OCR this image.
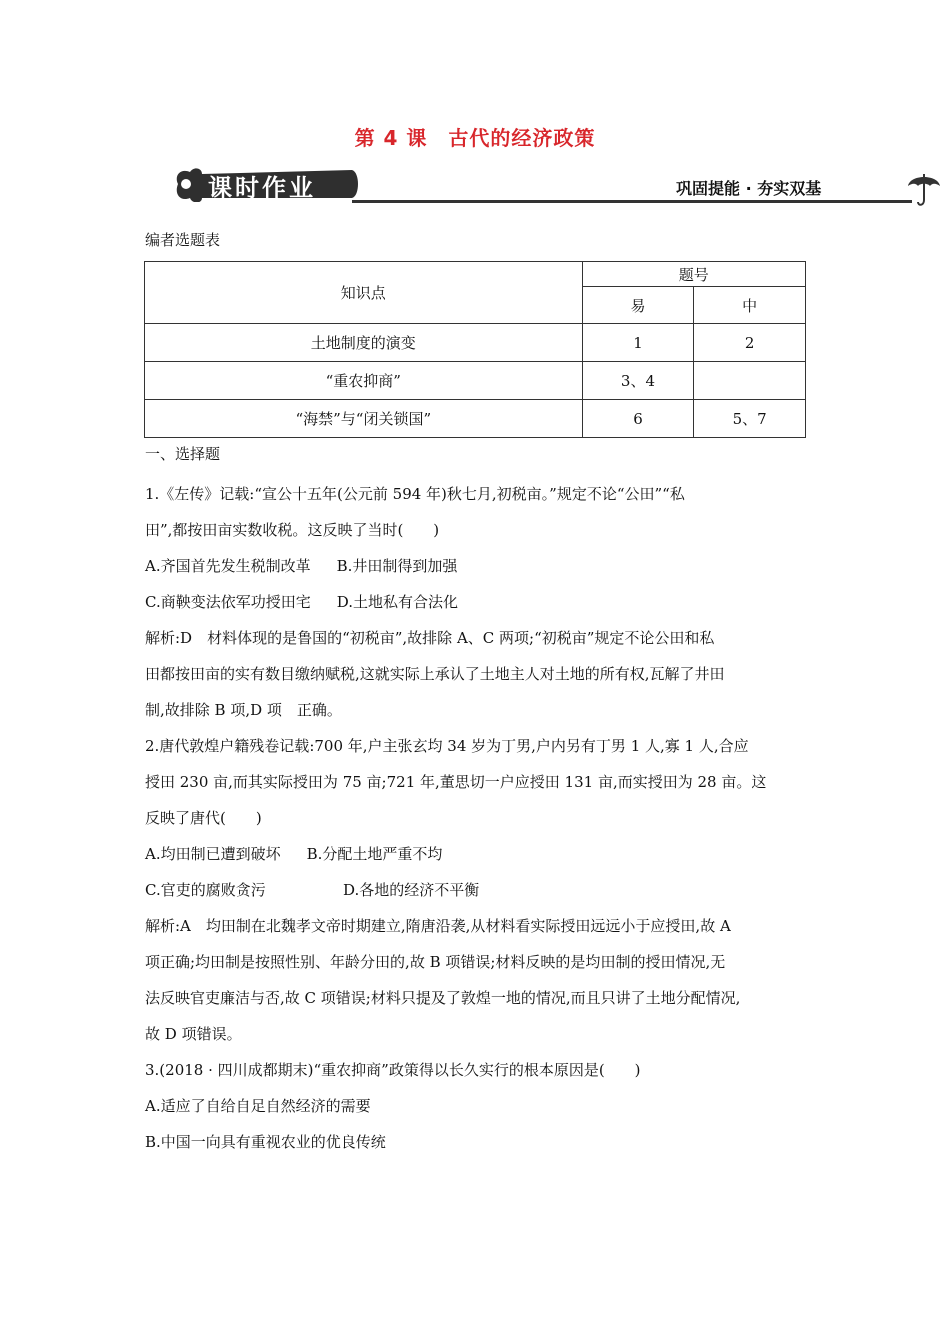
第 4 课　古代的经济政策
课时作业	巩固提能 · 夯实双基
编者选题表
知识点	题号	
	易	中
土地制度的演变	1	2
“重农抑商”	3、4	
“海禁”与“闭关锁国”	6	5、7
一、选择题

1.《左传》记载:“宣公十五年(公元前 594 年)秋七月,初税亩。”规定不论“公田”“私

田”,都按田亩实数收税。这反映了当时(　　)

A.齐国首先发生税制改革 B.井田制得到加强
C.商鞅变法依军功授田宅 D.土地私有合法化

解析:D　材料体现的是鲁国的“初税亩”,故排除 A、C 两项;“初税亩”规定不论公田和私

田都按田亩的实有数目缴纳赋税,这就实际上承认了土地主人对土地的所有权,瓦解了井田

制,故排除 B 项,D 项　正确。

2.唐代敦煌户籍残卷记载:700 年,户主张玄均 34 岁为丁男,户内另有丁男 1 人,寡 1 人,合应

授田 230 亩,而其实际授田为 75 亩;721 年,董思切一户应授田 131 亩,而实授田为 28 亩。这

反映了唐代(　　)

A.均田制已遭到破坏 B.分配土地严重不均
C.官吏的腐败贪污	D.各地的经济不平衡

解析:A　均田制在北魏孝文帝时期建立,隋唐沿袭,从材料看实际授田远远小于应授田,故 A

项正确;均田制是按照性别、年龄分田的,故 B 项错误;材料反映的是均田制的授田情况,无

法反映官吏廉洁与否,故 C 项错误;材料只提及了敦煌一地的情况,而且只讲了土地分配情况,

故 D 项错误。

3.(2018 · 四川成都期末)“重农抑商”政策得以长久实行的根本原因是(　　)

A.适应了自给自足自然经济的需要

B.中国一向具有重视农业的优良传统
